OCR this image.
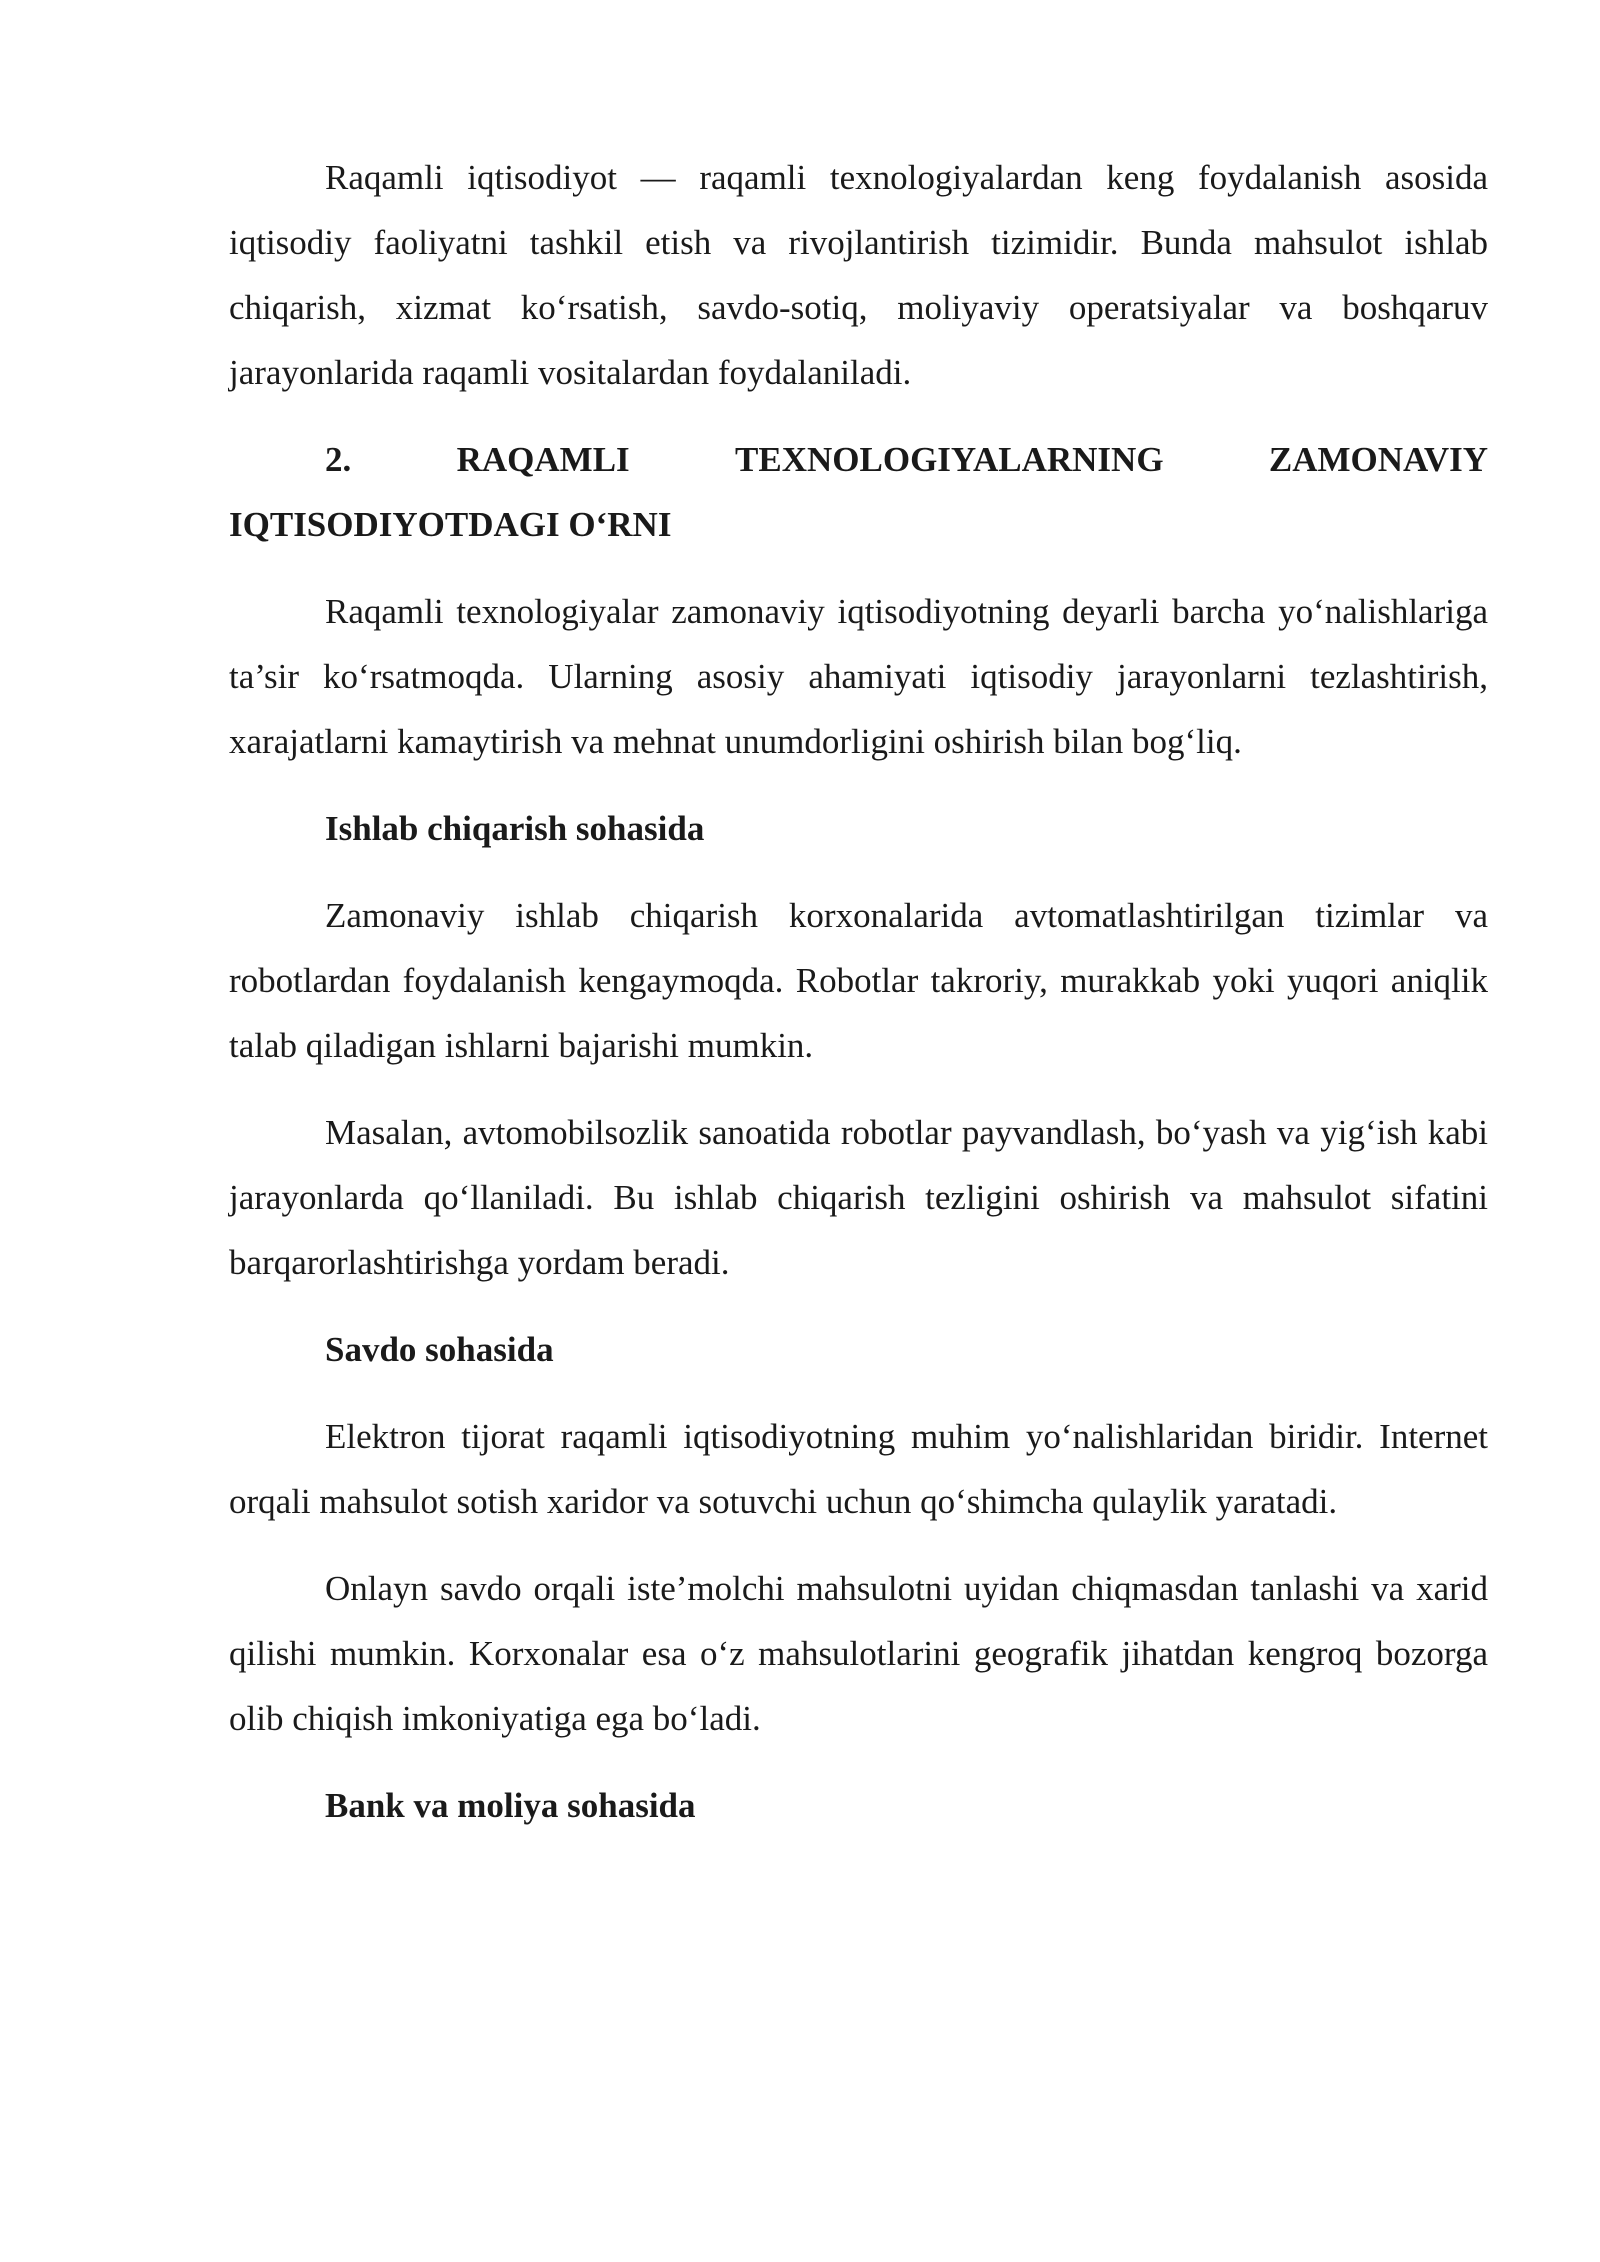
Raqamli iqtisodiyot — raqamli texnologiyalardan keng foydalanish asosida iqtisodiy faoliyatni tashkil etish va rivojlantirish tizimidir. Bunda mahsulot ishlab chiqarish, xizmat koʻrsatish, savdo-sotiq, moliyaviy operatsiyalar va boshqaruv jarayonlarida raqamli vositalardan foydalaniladi.

2.	RAQAMLI	TEXNOLOGIYALARNING	ZAMONAVIY
IQTISODIYOTDAGI OʻRNI

Raqamli texnologiyalar zamonaviy iqtisodiyotning deyarli barcha yoʻnalishlariga ta’sir koʻrsatmoqda. Ularning asosiy ahamiyati iqtisodiy jarayonlarni tezlashtirish, xarajatlarni kamaytirish va mehnat unumdorligini oshirish bilan bogʻliq.

Ishlab chiqarish sohasida

Zamonaviy ishlab chiqarish korxonalarida avtomatlashtirilgan tizimlar va robotlardan foydalanish kengaymoqda. Robotlar takroriy, murakkab yoki yuqori aniqlik talab qiladigan ishlarni bajarishi mumkin.

Masalan, avtomobilsozlik sanoatida robotlar payvandlash, boʻyash va yigʻish kabi jarayonlarda qoʻllaniladi. Bu ishlab chiqarish tezligini oshirish va mahsulot sifatini barqarorlashtirishga yordam beradi.

Savdo sohasida

Elektron tijorat raqamli iqtisodiyotning muhim yoʻnalishlaridan biridir. Internet orqali mahsulot sotish xaridor va sotuvchi uchun qoʻshimcha qulaylik yaratadi.

Onlayn savdo orqali iste’molchi mahsulotni uyidan chiqmasdan tanlashi va xarid qilishi mumkin. Korxonalar esa oʻz mahsulotlarini geografik jihatdan kengroq bozorga olib chiqish imkoniyatiga ega boʻladi.

Bank va moliya sohasida
